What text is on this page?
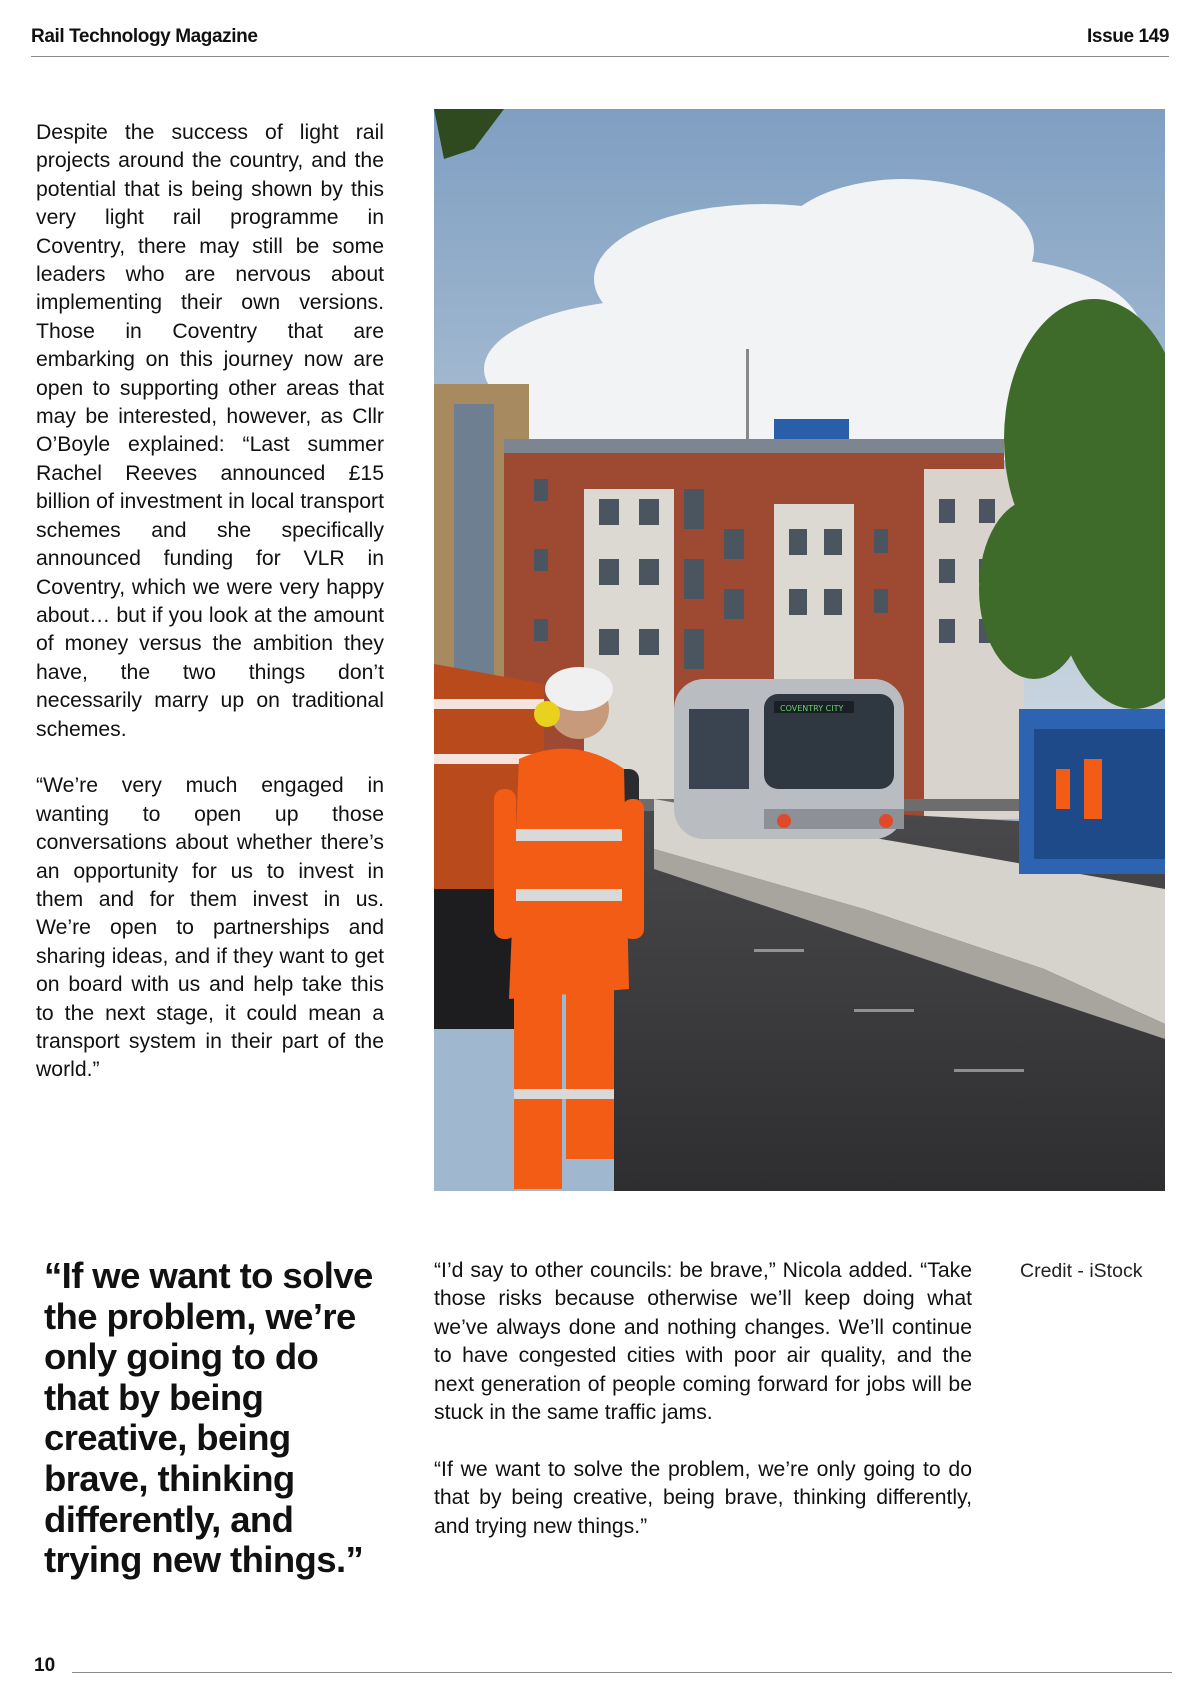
Rail Technology Magazine	Issue 149

Despite the success of light rail projects around the country, and the potential that is being shown by this very light rail programme in Coventry, there may still be some leaders who are nervous about implementing their own versions. Those in Coventry that are embarking on this journey now are open to supporting other areas that may be interested, however, as Cllr O’Boyle explained: “Last summer Rachel Reeves announced £15 billion of investment in local transport schemes and she specifically announced funding for VLR in Coventry, which we were very happy about… but if you look at the amount of money versus the ambition they have, the two things don’t necessarily marry up on traditional schemes.

“We’re very much engaged in wanting to open up those conversations about whether there’s an opportunity for us to invest in them and for them invest in us. We’re open to partnerships and sharing ideas, and if they want to get on board with us and help take this to the next stage, it could mean a transport system in their part of the world.”

COVENTRY CITY
“If we want to solve the problem, we’re only going to do that by being creative, being brave, thinking differently, and trying new things.”

“I’d say to other councils: be brave,” Nicola added. “Take those risks because otherwise we’ll keep doing what we’ve always done and nothing changes. We’ll continue to have congested cities with poor air quality, and the next generation of people coming forward for jobs will be stuck in the same traffic jams.

“If we want to solve the problem, we’re only going to do that by being creative, being brave, thinking differently, and trying new things.”

Credit - iStock
10
